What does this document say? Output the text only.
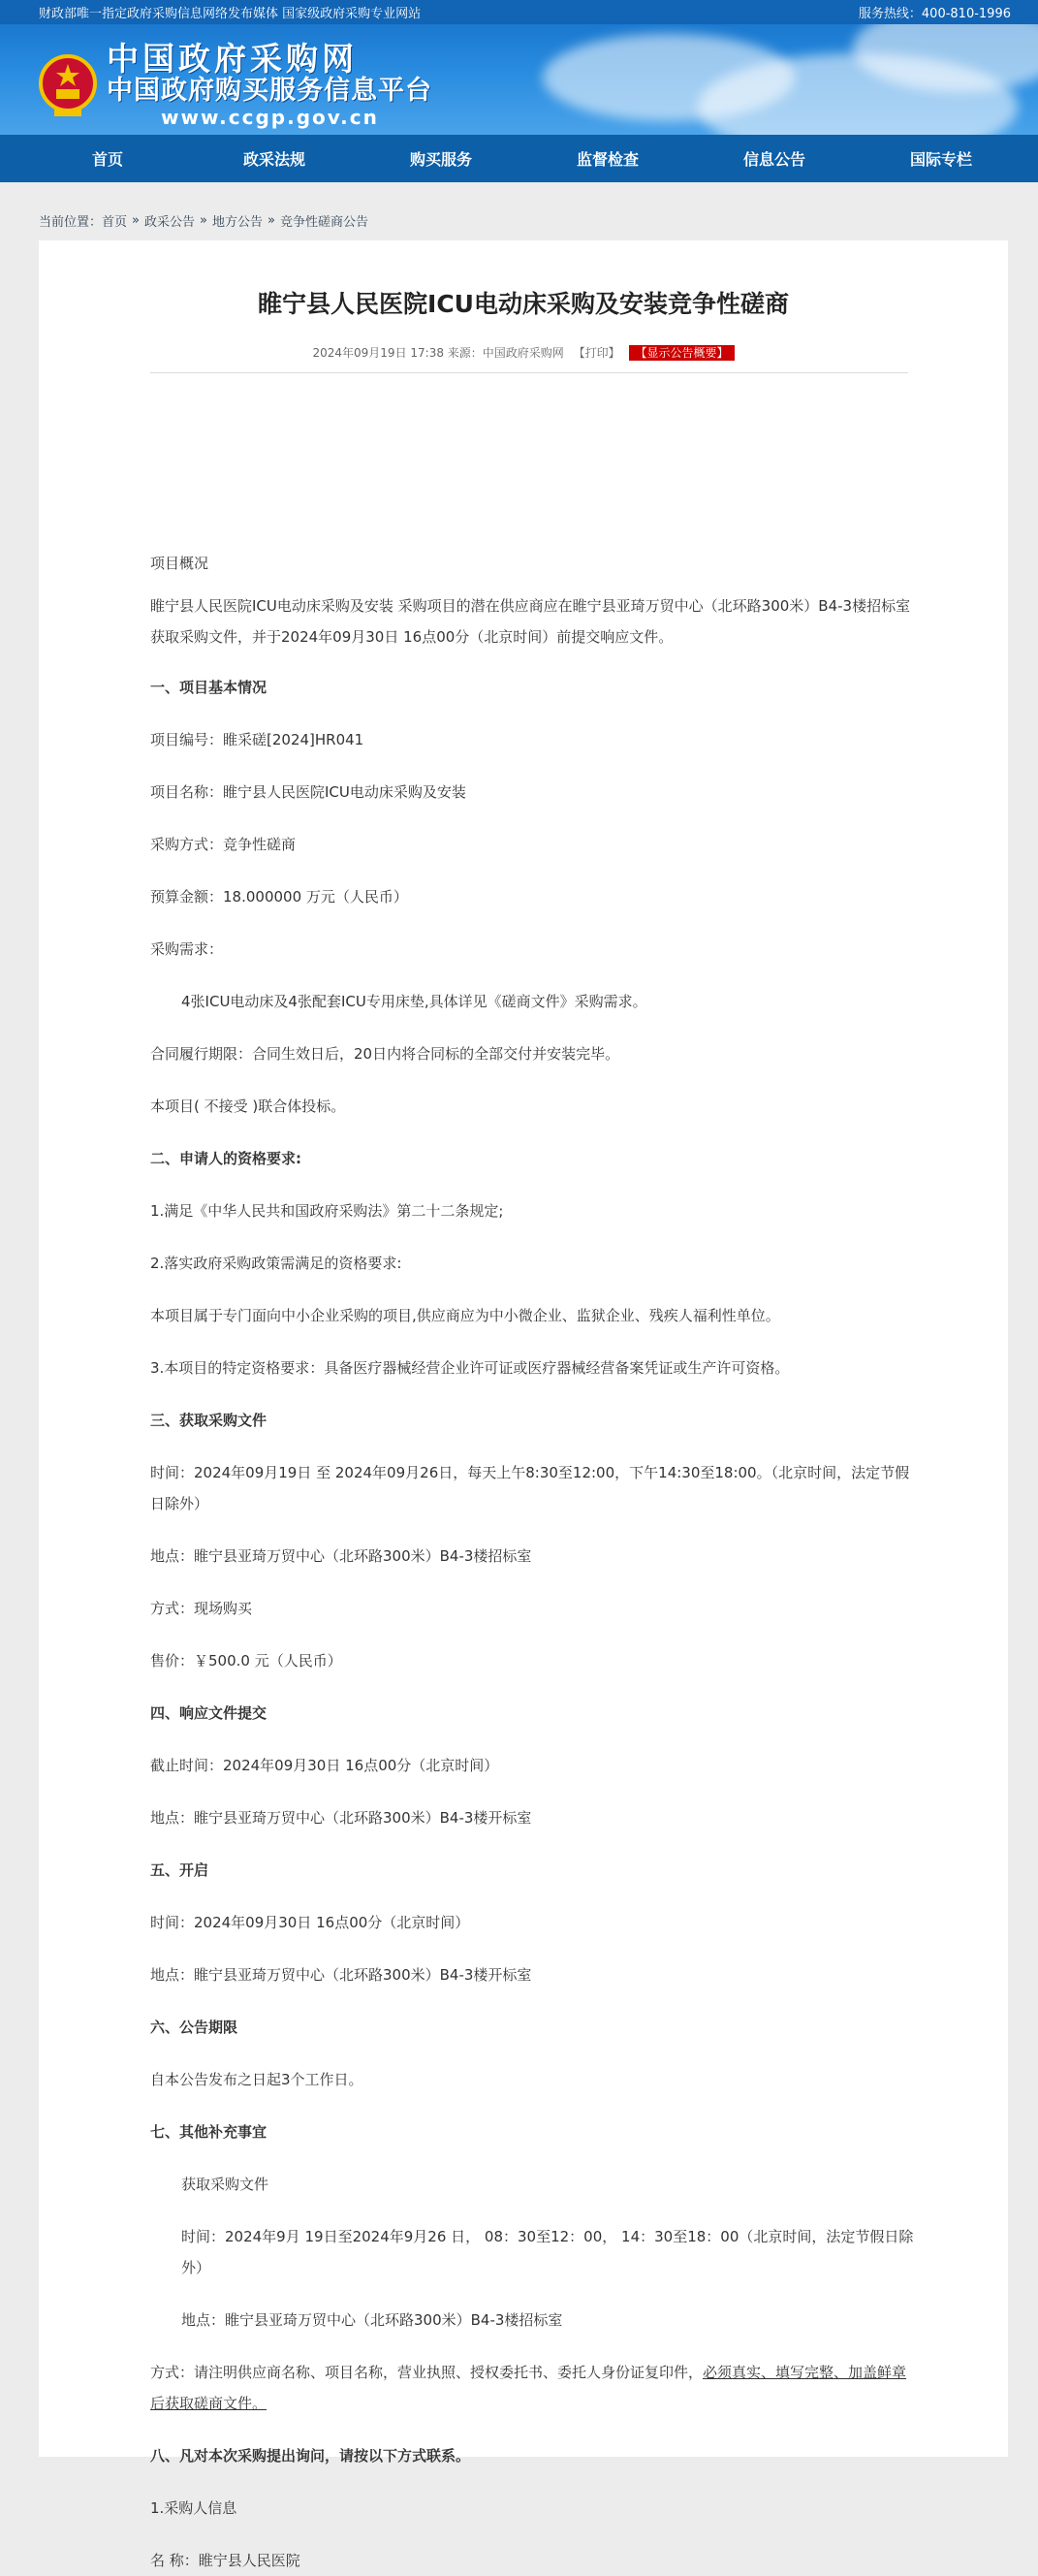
财政部唯一指定政府采购信息网络发布媒体 国家级政府采购专业网站	服务热线：400-810-1996
中国政府采购网
中国政府购买服务信息平台
www.ccgp.gov.cn
首页	政采法规	购买服务	监督检查	信息公告	国际专栏
当前位置： 首页 » 政采公告 » 地方公告 » 竞争性磋商公告
睢宁县人民医院ICU电动床采购及安装竞争性磋商
2024年09月19日 17:38 来源：中国政府采购网 【打印】 【显示公告概要】
项目概况
睢宁县人民医院ICU电动床采购及安装 采购项目的潜在供应商应在睢宁县亚琦万贸中心（北环路300米）B4-3楼招标室获取采购文件，并于2024年09月30日 16点00分（北京时间）前提交响应文件。
一、项目基本情况
项目编号：睢采磋[2024]HR041
项目名称：睢宁县人民医院ICU电动床采购及安装
采购方式：竞争性磋商
预算金额：18.000000 万元（人民币）
采购需求：
4张ICU电动床及4张配套ICU专用床垫,具体详见《磋商文件》采购需求。
合同履行期限：合同生效日后，20日内将合同标的全部交付并安装完毕。
本项目( 不接受 )联合体投标。
二、申请人的资格要求:
1.满足《中华人民共和国政府采购法》第二十二条规定;
2.落实政府采购政策需满足的资格要求:
本项目属于专门面向中小企业采购的项目,供应商应为中小微企业、监狱企业、残疾人福利性单位。
3.本项目的特定资格要求：具备医疗器械经营企业许可证或医疗器械经营备案凭证或生产许可资格。
三、获取采购文件
时间：2024年09月19日 至 2024年09月26日，每天上午8:30至12:00，下午14:30至18:00。（北京时间，法定节假日除外）
地点：睢宁县亚琦万贸中心（北环路300米）B4-3楼招标室
方式：现场购买
售价：￥500.0 元（人民币）
四、响应文件提交
截止时间：2024年09月30日 16点00分（北京时间）
地点：睢宁县亚琦万贸中心（北环路300米）B4-3楼开标室
五、开启
时间：2024年09月30日 16点00分（北京时间）
地点：睢宁县亚琦万贸中心（北环路300米）B4-3楼开标室
六、公告期限
自本公告发布之日起3个工作日。
七、其他补充事宜
获取采购文件
时间：2024年9月 19日至2024年9月26 日， 08：30至12：00， 14：30至18：00（北京时间，法定节假日除外）
地点：睢宁县亚琦万贸中心（北环路300米）B4-3楼招标室
方式：请注明供应商名称、项目名称，营业执照、授权委托书、委托人身份证复印件，必须真实、填写完整、加盖鲜章后获取磋商文件。
八、凡对本次采购提出询问，请按以下方式联系。
1.采购人信息
名 称：睢宁县人民医院
